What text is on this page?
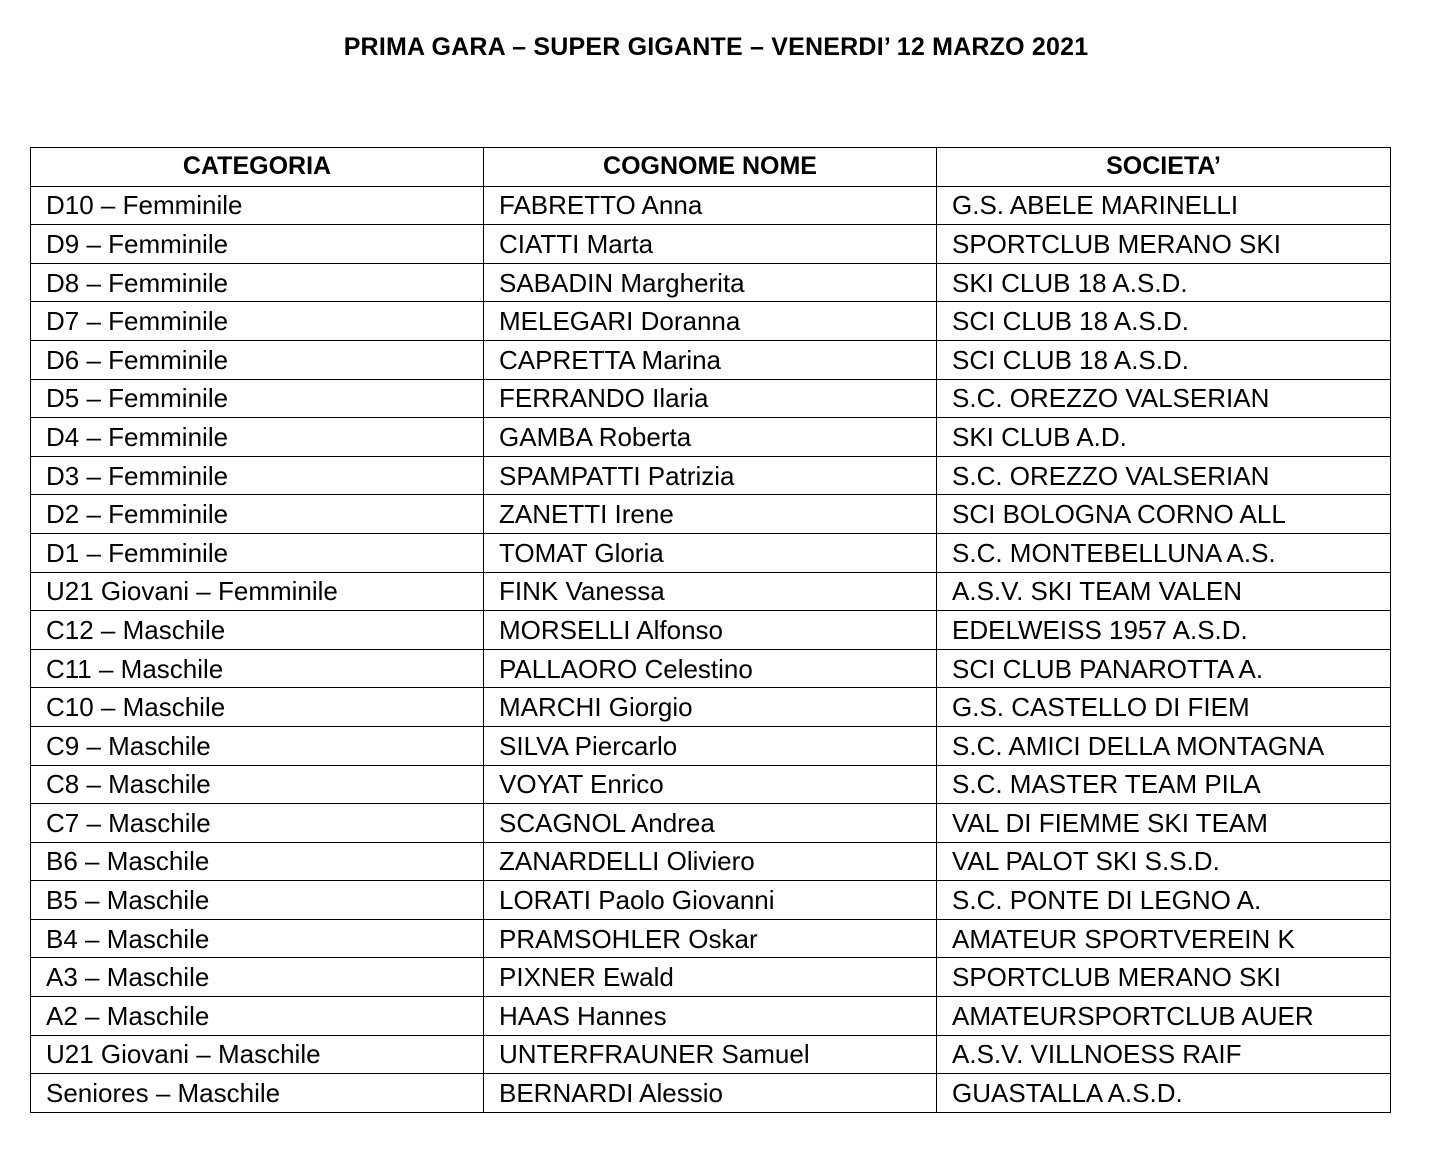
PRIMA GARA – SUPER GIGANTE – VENERDI’ 12 MARZO 2021
CATEGORIA	COGNOME NOME	SOCIETA’
D10 – Femminile	FABRETTO Anna	G.S. ABELE MARINELLI
D9 – Femminile	CIATTI Marta	SPORTCLUB MERANO SKI
D8 – Femminile	SABADIN Margherita	SKI CLUB 18 A.S.D.
D7 – Femminile	MELEGARI Doranna	SCI CLUB 18 A.S.D.
D6 – Femminile	CAPRETTA Marina	SCI CLUB 18 A.S.D.
D5 – Femminile	FERRANDO Ilaria	S.C. OREZZO VALSERIAN
D4 – Femminile	GAMBA Roberta	SKI CLUB A.D.
D3 – Femminile	SPAMPATTI Patrizia	S.C. OREZZO VALSERIAN
D2 – Femminile	ZANETTI Irene	SCI BOLOGNA CORNO ALL
D1 – Femminile	TOMAT Gloria	S.C. MONTEBELLUNA A.S.
U21 Giovani – Femminile	FINK Vanessa	A.S.V. SKI TEAM VALEN
C12 – Maschile	MORSELLI Alfonso	EDELWEISS 1957 A.S.D.
C11 – Maschile	PALLAORO Celestino	SCI CLUB PANAROTTA A.
C10 – Maschile	MARCHI Giorgio	G.S. CASTELLO DI FIEM
C9 – Maschile	SILVA Piercarlo	S.C. AMICI DELLA MONTAGNA
C8 – Maschile	VOYAT Enrico	S.C. MASTER TEAM PILA
C7 – Maschile	SCAGNOL Andrea	VAL DI FIEMME SKI TEAM
B6 – Maschile	ZANARDELLI Oliviero	VAL PALOT SKI S.S.D.
B5 – Maschile	LORATI Paolo Giovanni	S.C. PONTE DI LEGNO A.
B4 – Maschile	PRAMSOHLER Oskar	AMATEUR SPORTVEREIN K
A3 – Maschile	PIXNER Ewald	SPORTCLUB MERANO SKI
A2 – Maschile	HAAS Hannes	AMATEURSPORTCLUB AUER
U21 Giovani – Maschile	UNTERFRAUNER Samuel	A.S.V. VILLNOESS RAIF
Seniores – Maschile	BERNARDI Alessio	GUASTALLA A.S.D.
